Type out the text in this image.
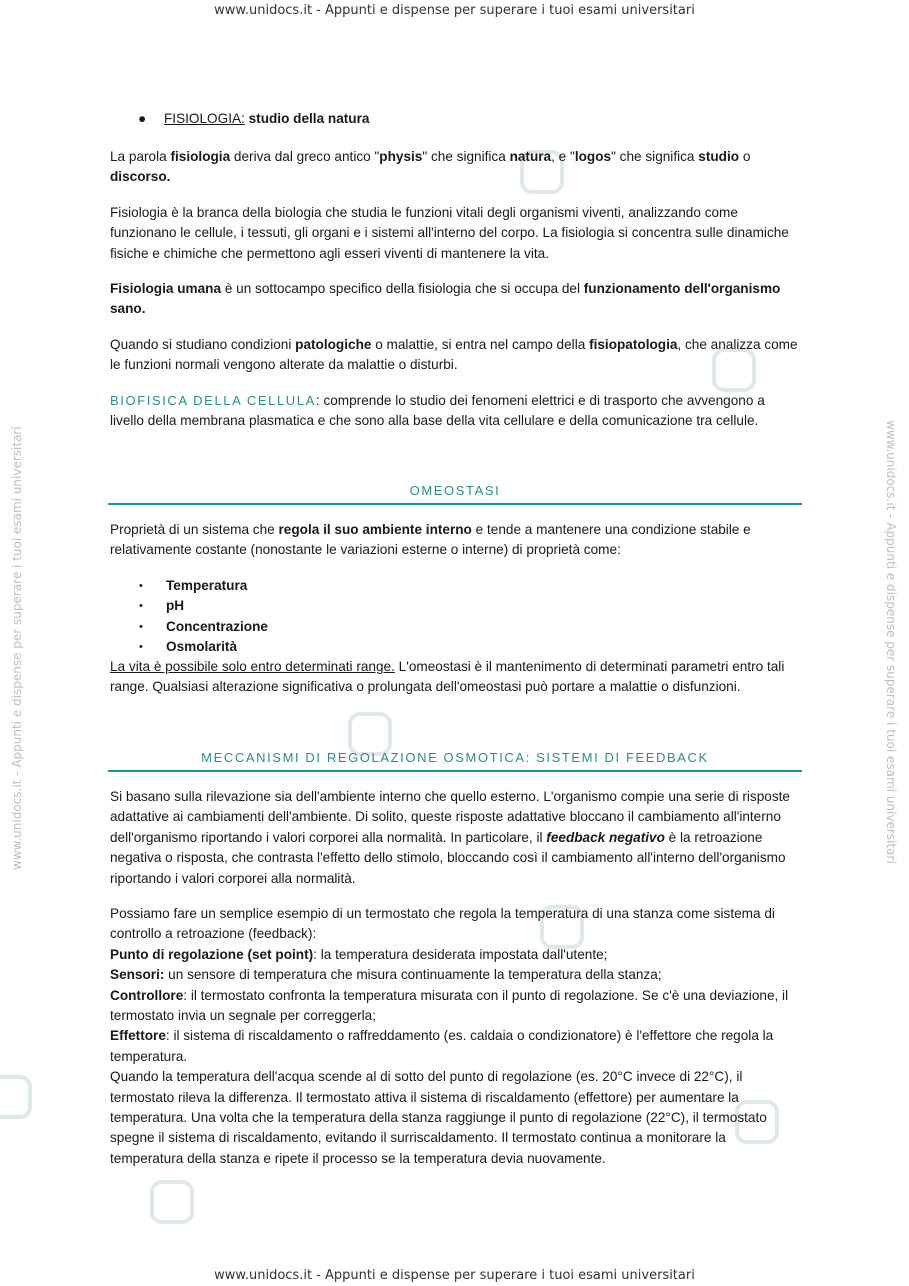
www.unidocs.it - Appunti e dispense per superare i tuoi esami universitari
www.unidocs.it - Appunti e dispense per superare i tuoi esami universitari
www.unidocs.it - Appunti e dispense per superare i tuoi esami universitari	www.unidocs.it - Appunti e dispense per superare i tuoi esami universitari
● FISIOLOGIA: studio della natura
La parola fisiologia deriva dal greco antico "physis" che significa natura, e "logos" che significa studio o discorso.
Fisiologia è la branca della biologia che studia le funzioni vitali degli organismi viventi, analizzando come funzionano le cellule, i tessuti, gli organi e i sistemi all'interno del corpo. La fisiologia si concentra sulle dinamiche fisiche e chimiche che permettono agli esseri viventi di mantenere la vita.
Fisiologia umana è un sottocampo specifico della fisiologia che si occupa del funzionamento dell'organismo sano.
Quando si studiano condizioni patologiche o malattie, si entra nel campo della fisiopatologia, che analizza come le funzioni normali vengono alterate da malattie o disturbi.
BIOFISICA DELLA CELLULA: comprende lo studio dei fenomeni elettrici e di trasporto che avvengono a livello della membrana plasmatica e che sono alla base della vita cellulare e della comunicazione tra cellule.
OMEOSTASI
Proprietà di un sistema che regola il suo ambiente interno e tende a mantenere una condizione stabile e relativamente costante (nonostante le variazioni esterne o interne) di proprietà come:
• Temperatura
• pH
• Concentrazione
• Osmolarità
La vita è possibile solo entro determinati range. L'omeostasi è il mantenimento di determinati parametri entro tali range. Qualsiasi alterazione significativa o prolungata dell'omeostasi può portare a malattie o disfunzioni.
MECCANISMI DI REGOLAZIONE OSMOTICA: SISTEMI DI FEEDBACK
Si basano sulla rilevazione sia dell'ambiente interno che quello esterno. L'organismo compie una serie di risposte adattative ai cambiamenti dell'ambiente. Di solito, queste risposte adattative bloccano il cambiamento all'interno dell'organismo riportando i valori corporei alla normalità. In particolare, il feedback negativo è la retroazione negativa o risposta, che contrasta l'effetto dello stimolo, bloccando così il cambiamento all'interno dell'organismo riportando i valori corporei alla normalità.
Possiamo fare un semplice esempio di un termostato che regola la temperatura di una stanza come sistema di controllo a retroazione (feedback):
Punto di regolazione (set point): la temperatura desiderata impostata dall'utente;
Sensori: un sensore di temperatura che misura continuamente la temperatura della stanza;
Controllore: il termostato confronta la temperatura misurata con il punto di regolazione. Se c'è una deviazione, il termostato invia un segnale per correggerla;
Effettore: il sistema di riscaldamento o raffreddamento (es. caldaia o condizionatore) è l'effettore che regola la temperatura.
Quando la temperatura dell'acqua scende al di sotto del punto di regolazione (es. 20°C invece di 22°C), il termostato rileva la differenza. Il termostato attiva il sistema di riscaldamento (effettore) per aumentare la temperatura. Una volta che la temperatura della stanza raggiunge il punto di regolazione (22°C), il termostato spegne il sistema di riscaldamento, evitando il surriscaldamento. Il termostato continua a monitorare la temperatura della stanza e ripete il processo se la temperatura devia nuovamente.
